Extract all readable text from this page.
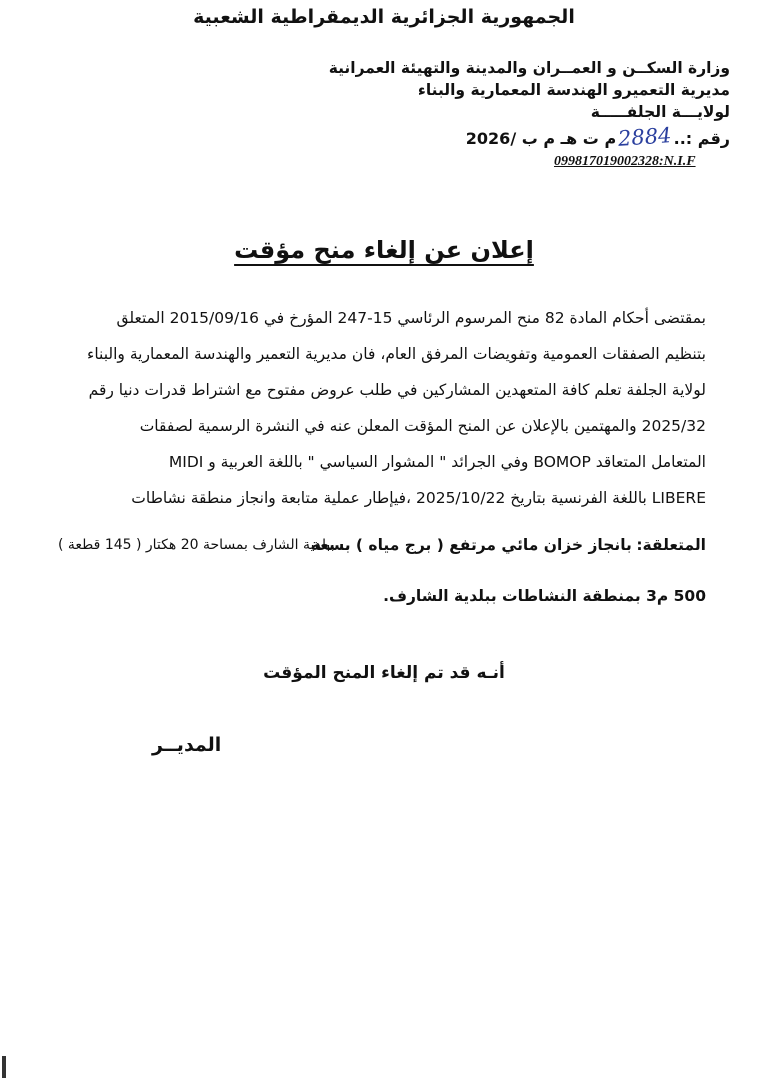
الجمهورية الجزائرية الديمقراطية الشعبية
وزارة السكــن و العمــران والمدينة والتهيئة العمرانية
مديرية التعميرو الهندسة المعمارية والبناء
لولايـــة الجلفـــــة
رقم :..
2884
م ت هـ م ب /2026
099817019002328:N.I.F
إعلان عن إلغاء منح مؤقت
بمقتضى أحكام المادة 82 منح المرسوم الرئاسي 15-247 المؤرخ في 2015/09/16 المتعلق
بتنظيم الصفقات العمومية وتفويضات المرفق العام، فان مديرية التعمير والهندسة المعمارية والبناء
لولاية الجلفة تعلم كافة المتعهدين المشاركين في طلب عروض مفتوح مع اشتراط قدرات دنيا رقم
2025/32 والمهتمين بالإعلان عن المنح المؤقت المعلن عنه في النشرة الرسمية لصفقات
المتعامل المتعاقد BOMOP وفي الجرائد " المشوار السياسي " باللغة العربية و MIDI
LIBERE باللغة الفرنسية بتاريخ 2025/10/22 ،فيإطار عملية متابعة وانجاز منطقة نشاطات
المتعلقة: بانجاز خزان مائي مرتفع ( برج مياه ) بسعة
ببلدية الشارف بمساحة 20 هكتار ( 145 قطعة )
500 م3 بمنطقة النشاطات ببلدية الشارف.
أنـه قد تم إلغاء المنح المؤقت
المديــر
